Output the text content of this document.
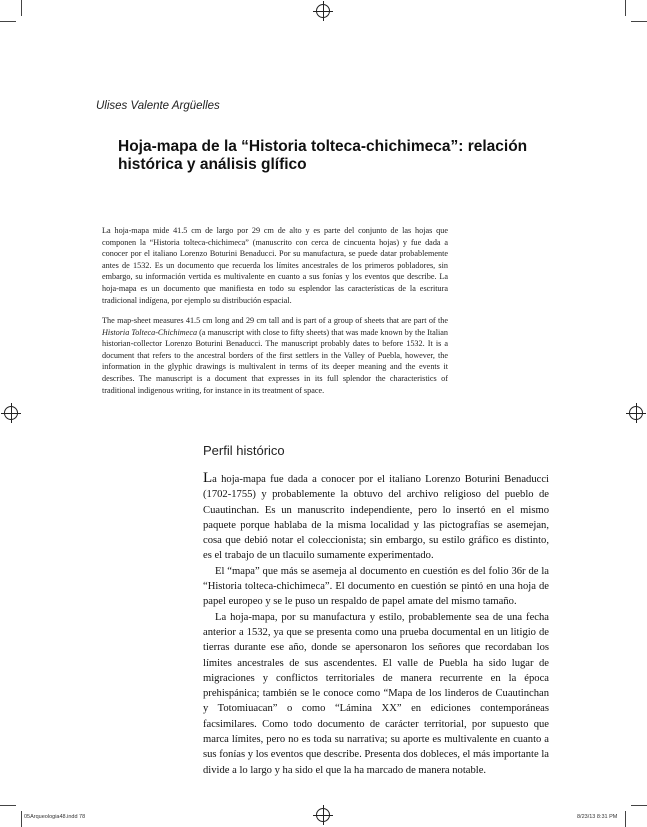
Ulises Valente Argüelles
Hoja-mapa de la “Historia tolteca-chichimeca”: relación histórica y análisis glífico
La hoja-mapa mide 41.5 cm de largo por 29 cm de alto y es parte del conjunto de las hojas que componen la “Historia tolteca-chichimeca” (manuscrito con cerca de cincuenta hojas) y fue dada a conocer por el italiano Lorenzo Boturini Benaducci. Por su manufactura, se puede datar probablemente antes de 1532. Es un documento que recuerda los límites ancestrales de los primeros pobladores, sin embargo, su información vertida es multivalente en cuanto a sus fonías y los eventos que describe. La hoja-mapa es un documento que manifiesta en todo su esplendor las características de la escritura tradicional indígena, por ejemplo su distribución espacial.
The map-sheet measures 41.5 cm long and 29 cm tall and is part of a group of sheets that are part of the Historia Tolteca-Chichimeca (a manuscript with close to fifty sheets) that was made known by the Italian historian-collector Lorenzo Boturini Benaducci. The manuscript probably dates to before 1532. It is a document that refers to the ancestral borders of the first settlers in the Valley of Puebla, however, the information in the glyphic drawings is multivalent in terms of its deeper meaning and the events it describes. The manuscript is a document that expresses in its full splendor the characteristics of traditional indigenous writing, for instance in its treatment of space.
Perfil histórico

La hoja-mapa fue dada a conocer por el italiano Lorenzo Boturini Benaducci (1702-1755) y probablemente la obtuvo del archivo religioso del pueblo de Cuautinchan. Es un manuscrito independiente, pero lo insertó en el mismo paquete porque hablaba de la misma localidad y las pictografías se asemejan, cosa que debió notar el coleccionista; sin embargo, su estilo gráfico es distinto, es el trabajo de un tlacuilo sumamente experimentado.

El “mapa” que más se asemeja al documento en cuestión es del folio 36r de la “Historia tolteca-chichimeca”. El documento en cuestión se pintó en una hoja de papel europeo y se le puso un respaldo de papel amate del mismo tamaño.

La hoja-mapa, por su manufactura y estilo, probablemente sea de una fecha anterior a 1532, ya que se presenta como una prueba documental en un litigio de tierras durante ese año, donde se apersonaron los señores que recordaban los límites ancestrales de sus ascendentes. El valle de Puebla ha sido lugar de migraciones y conflictos territoriales de manera recurrente en la época prehispánica; también se le conoce como “Mapa de los linderos de Cuautinchan y Totomiuacan” o como “Lámina XX” en ediciones contemporáneas facsimilares. Como todo documento de carácter territorial, por supuesto que marca límites, pero no es toda su narrativa; su aporte es multivalente en cuanto a sus fonías y los eventos que describe. Presenta dos dobleces, el más importante la divide a lo largo y ha sido el que la ha marcado de manera notable.

05Arqueologia48.indd 78	8/23/13 8:31 PM
